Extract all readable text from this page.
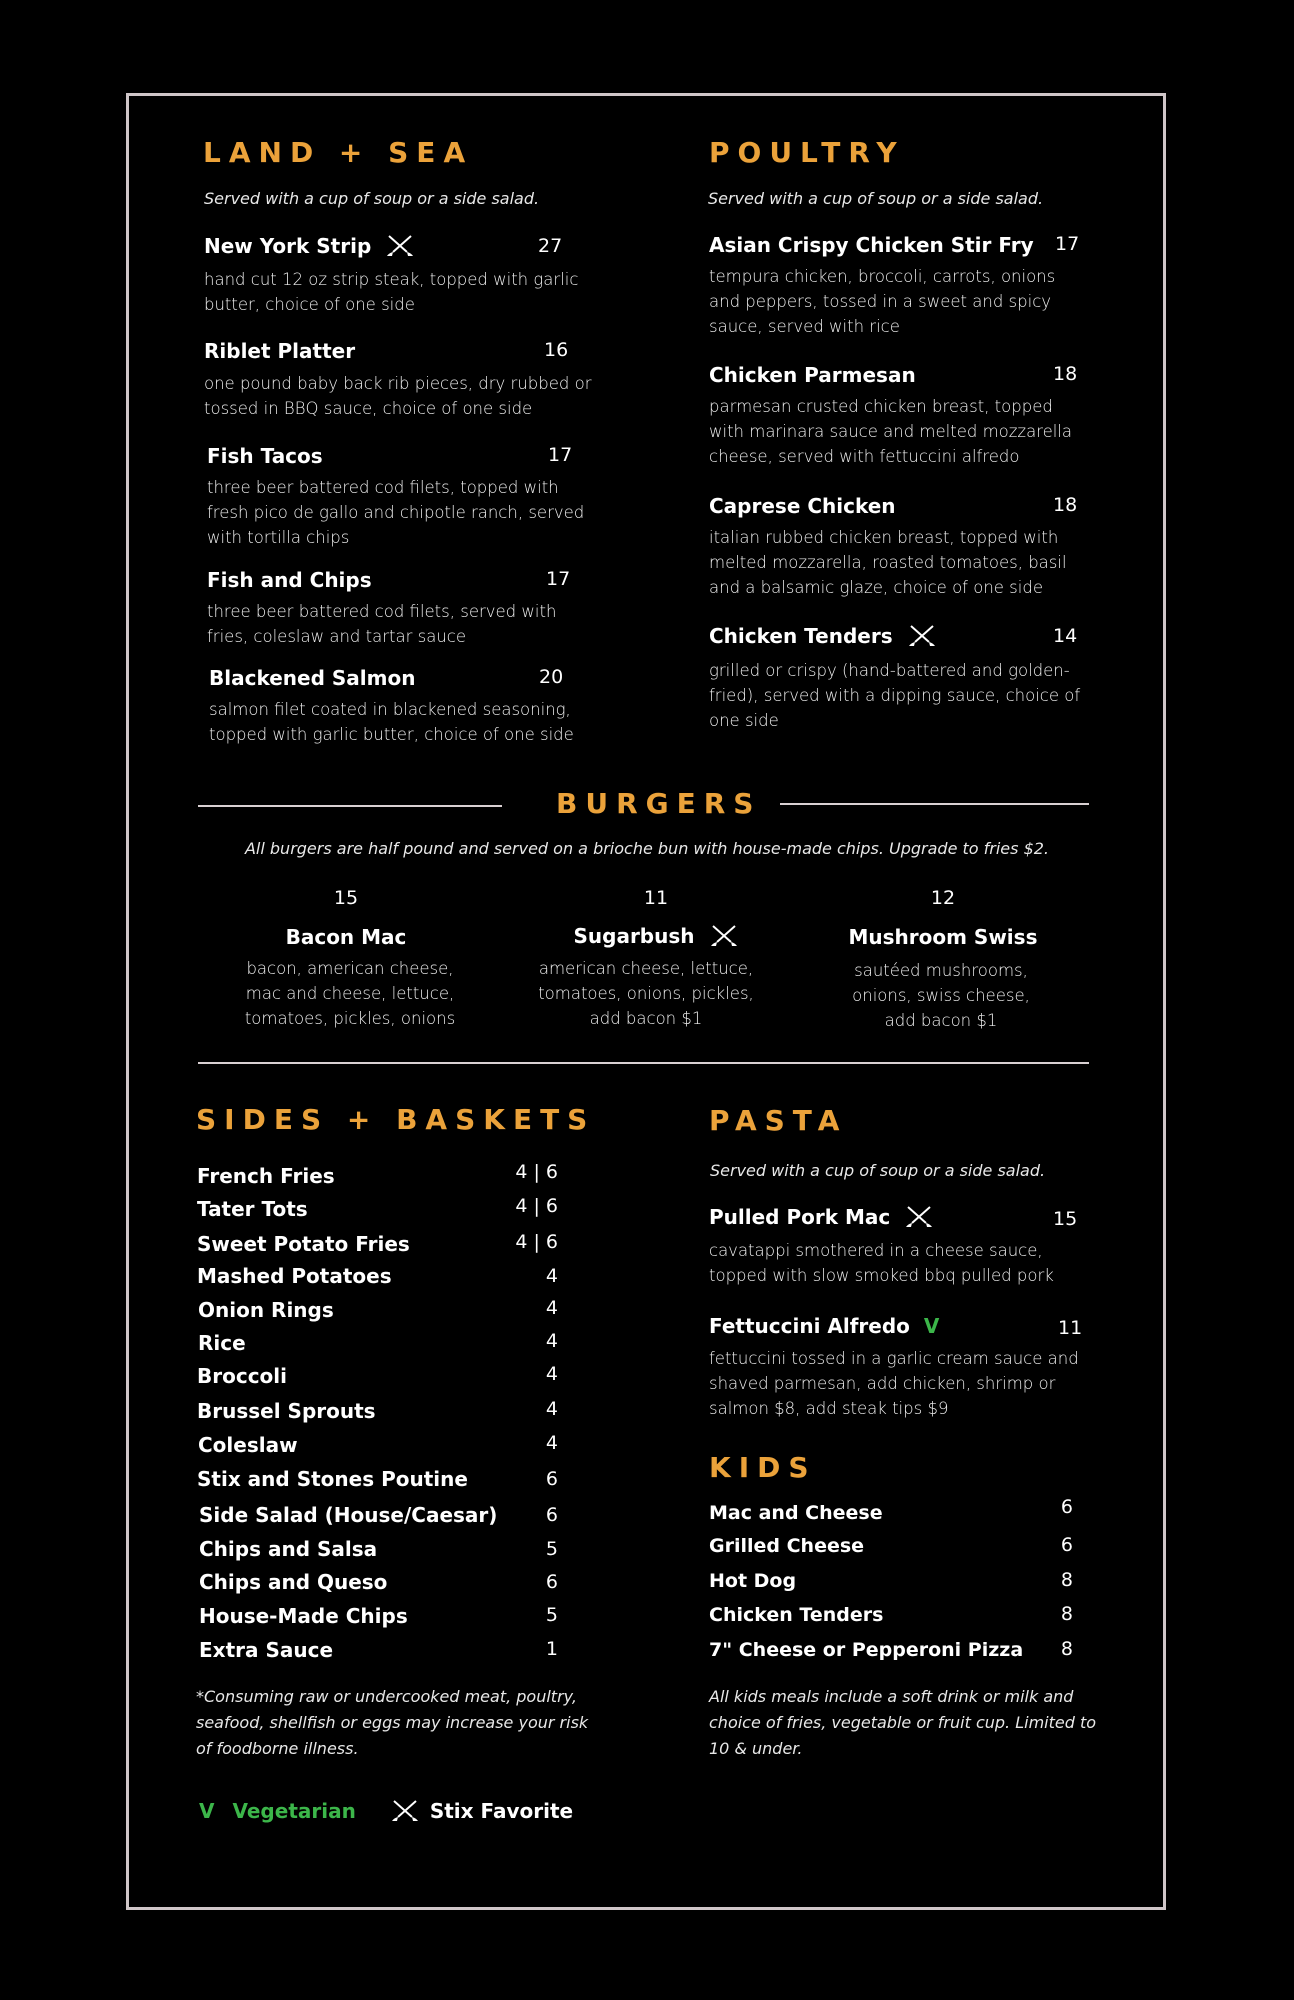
LAND + SEA
Served with a cup of soup or a side salad.
New York Strip	27
hand cut 12 oz strip steak, topped with garlic butter, choice of one side
Riblet Platter	16
one pound baby back rib pieces, dry rubbed or tossed in BBQ sauce, choice of one side
Fish Tacos	17
three beer battered cod filets, topped with fresh pico de gallo and chipotle ranch, served with tortilla chips
Fish and Chips	17
three beer battered cod filets, served with fries, coleslaw and tartar sauce
Blackened Salmon	20
salmon filet coated in blackened seasoning, topped with garlic butter, choice of one side
POULTRY
Served with a cup of soup or a side salad.
Asian Crispy Chicken Stir Fry 17
tempura chicken, broccoli, carrots, onions and peppers, tossed in a sweet and spicy sauce, served with rice
Chicken Parmesan	18
parmesan crusted chicken breast, topped with marinara sauce and melted mozzarella cheese, served with fettuccini alfredo
Caprese Chicken	18
italian rubbed chicken breast, topped with melted mozzarella, roasted tomatoes, basil and a balsamic glaze, choice of one side
Chicken Tenders	14
grilled or crispy (hand-battered and golden-fried), served with a dipping sauce, choice of one side
BURGERS
All burgers are half pound and served on a brioche bun with house-made chips. Upgrade to fries $2.
15
Bacon Mac
bacon, american cheese, mac and cheese, lettuce, tomatoes, pickles, onions
11
Sugarbush
american cheese, lettuce, tomatoes, onions, pickles, add bacon $1
12
Mushroom Swiss
sautéed mushrooms, onions, swiss cheese, add bacon $1
SIDES + BASKETS
French Fries	4 | 6
Tater Tots	4 | 6
Sweet Potato Fries	4 | 6
Mashed Potatoes	4
Onion Rings	4
Rice	4
Broccoli	4
Brussel Sprouts	4
Coleslaw	4
Stix and Stones Poutine	6
Side Salad (House/Caesar)	6
Chips and Salsa	5
Chips and Queso	6
House-Made Chips	5
Extra Sauce	1
*Consuming raw or undercooked meat, poultry, seafood, shellfish or eggs may increase your risk of foodborne illness.
PASTA
Served with a cup of soup or a side salad.
Pulled Pork Mac	15
cavatappi smothered in a cheese sauce, topped with slow smoked bbq pulled pork
Fettuccini Alfredo V	11
fettuccini tossed in a garlic cream sauce and shaved parmesan, add chicken, shrimp or salmon $8, add steak tips $9
KIDS
Mac and Cheese	6
Grilled Cheese	6
Hot Dog	8
Chicken Tenders	8
7" Cheese or Pepperoni Pizza	8
All kids meals include a soft drink or milk and choice of fries, vegetable or fruit cup. Limited to 10 & under.
V Vegetarian	Stix Favorite
